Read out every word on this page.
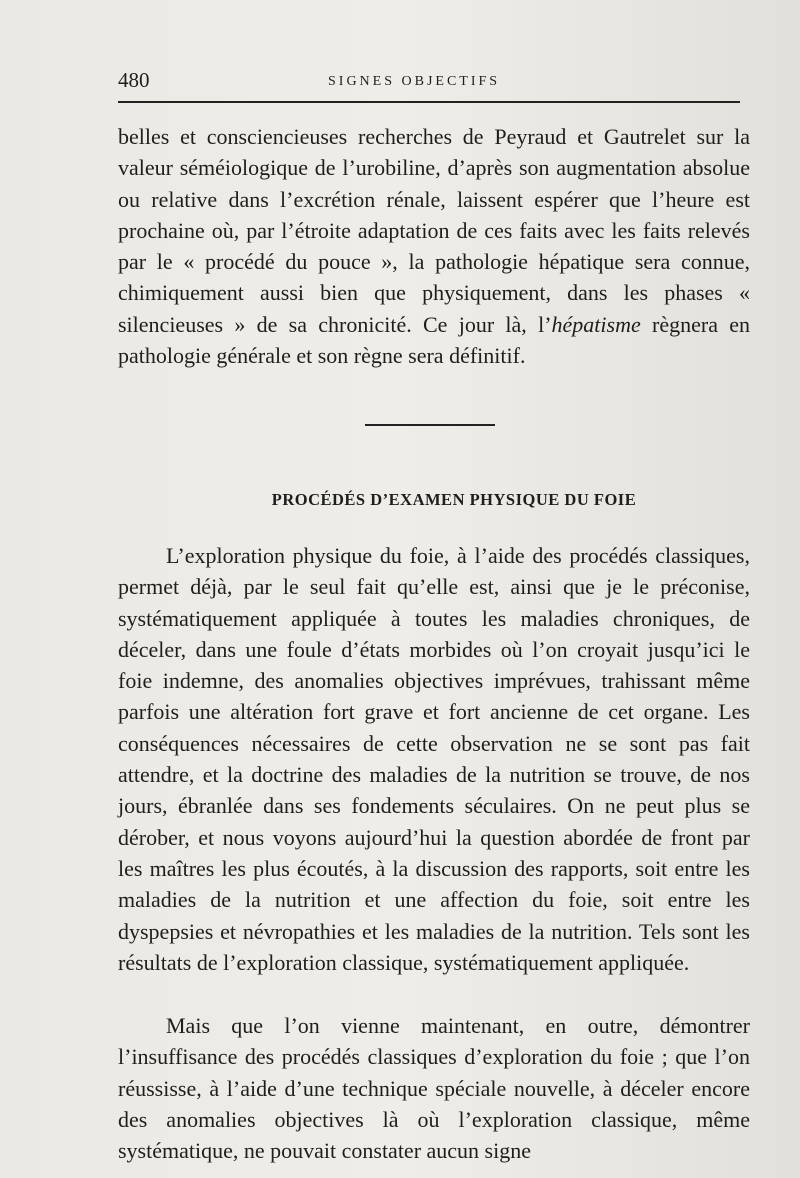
480	SIGNES OBJECTIFS

belles et consciencieuses recherches de Peyraud et Gautrelet sur la valeur séméiologique de l’urobiline, d’après son augmentation absolue ou relative dans l’excrétion rénale, laissent espérer que l’heure est prochaine où, par l’étroite adaptation de ces faits avec les faits relevés par le « procédé du pouce », la pathologie hépatique sera connue, chimiquement aussi bien que physiquement, dans les phases « silencieuses » de sa chronicité. Ce jour là, l’hépatisme règnera en pathologie générale et son règne sera définitif.

PROCÉDÉS D’EXAMEN PHYSIQUE DU FOIE

L’exploration physique du foie, à l’aide des procédés classiques, permet déjà, par le seul fait qu’elle est, ainsi que je le préconise, systématiquement appliquée à toutes les maladies chroniques, de déceler, dans une foule d’états morbides où l’on croyait jusqu’ici le foie indemne, des anomalies objectives imprévues, trahissant même parfois une altération fort grave et fort ancienne de cet organe. Les conséquences nécessaires de cette observation ne se sont pas fait attendre, et la doctrine des maladies de la nutrition se trouve, de nos jours, ébranlée dans ses fondements séculaires. On ne peut plus se dérober, et nous voyons aujourd’hui la question abordée de front par les maîtres les plus écoutés, à la discussion des rapports, soit entre les maladies de la nutrition et une affection du foie, soit entre les dyspepsies et névropathies et les maladies de la nutrition. Tels sont les résultats de l’exploration classique, systématiquement appliquée.

Mais que l’on vienne maintenant, en outre, démontrer l’insuffisance des procédés classiques d’exploration du foie ; que l’on réussisse, à l’aide d’une technique spéciale nouvelle, à déceler encore des anomalies objectives là où l’exploration classique, même systématique, ne pouvait constater aucun signe
